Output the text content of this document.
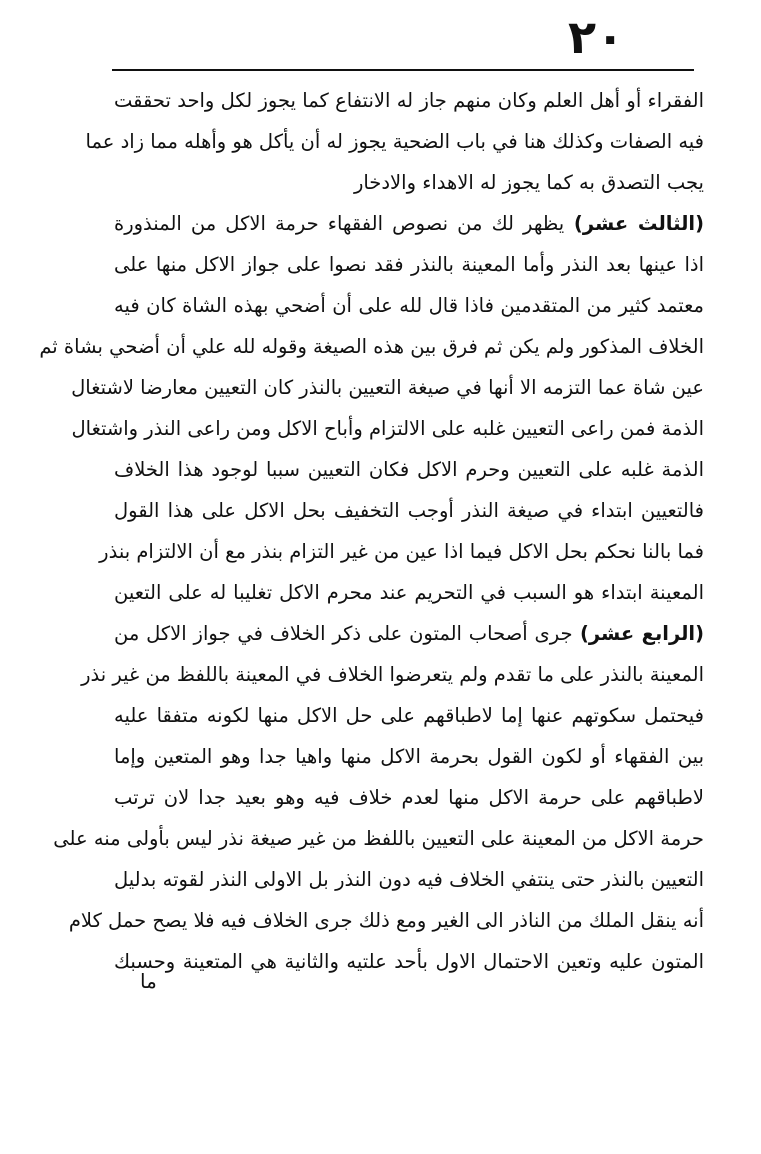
٢٠
الفقراء أو أهل العلم وكان منهم جاز له الانتفاع كما يجوز لكل واحد تحققت
فيه الصفات وكذلك هنا في باب الضحية يجوز له أن يأكل هو وأهله مما زاد عما
يجب التصدق به كما يجوز له الاهداء والادخار
(الثالث عشر) يظهر لك من نصوص الفقهاء حرمة الاكل من المنذورة
اذا عينها بعد النذر وأما المعينة بالنذر فقد نصوا على جواز الاكل منها على
معتمد كثير من المتقدمين فاذا قال لله على أن أضحي بهذه الشاة كان فيه
الخلاف المذكور ولم يكن ثم فرق بين هذه الصيغة وقوله لله علي أن أضحي بشاة ثم
عين شاة عما التزمه الا أنها في صيغة التعيين بالنذر كان التعيين معارضا لاشتغال
الذمة فمن راعى التعيين غلبه على الالتزام وأباح الاكل ومن راعى النذر واشتغال
الذمة غلبه على التعيين وحرم الاكل فكان التعيين سببا لوجود هذا الخلاف
فالتعيين ابتداء في صيغة النذر أوجب التخفيف بحل الاكل على هذا القول
فما بالنا نحكم بحل الاكل فيما اذا عين من غير التزام بنذر مع أن الالتزام بنذر
المعينة ابتداء هو السبب في التحريم عند محرم الاكل تغليبا له على التعين
(الرابع عشر) جرى أصحاب المتون على ذكر الخلاف في جواز الاكل من
المعينة بالنذر على ما تقدم ولم يتعرضوا الخلاف في المعينة باللفظ من غير نذر
فيحتمل سكوتهم عنها إما لاطباقهم على حل الاكل منها لكونه متفقا عليه
بين الفقهاء أو لكون القول بحرمة الاكل منها واهيا جدا وهو المتعين وإما
لاطباقهم على حرمة الاكل منها لعدم خلاف فيه وهو بعيد جدا لان ترتب
حرمة الاكل من المعينة على التعيين باللفظ من غير صيغة نذر ليس بأولى منه على
التعيين بالنذر حتى ينتفي الخلاف فيه دون النذر بل الاولى النذر لقوته بدليل
أنه ينقل الملك من الناذر الى الغير ومع ذلك جرى الخلاف فيه فلا يصح حمل كلام
المتون عليه وتعين الاحتمال الاول بأحد علتيه والثانية هي المتعينة وحسبك
ما
